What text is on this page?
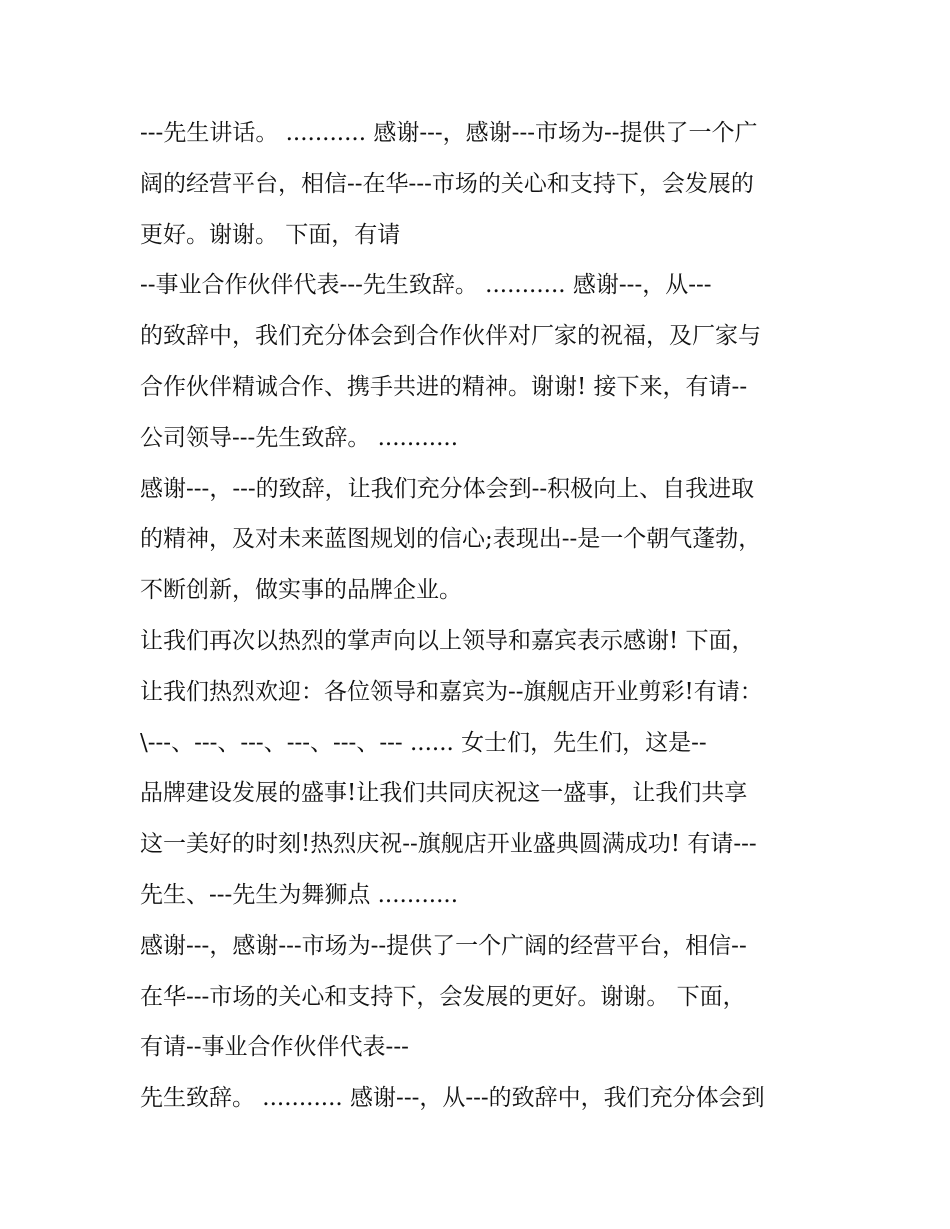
---先生讲话。 ........... 感谢---，感谢---市场为--提供了一个广
阔的经营平台，相信--在华---市场的关心和支持下，会发展的
更好。谢谢。 下面，有请
--事业合作伙伴代表---先生致辞。 ........... 感谢---，从---
的致辞中，我们充分体会到合作伙伴对厂家的祝福，及厂家与
合作伙伴精诚合作、携手共进的精神。谢谢! 接下来，有请--
公司领导---先生致辞。 ...........
感谢---，---的致辞，让我们充分体会到--积极向上、自我进取
的精神，及对未来蓝图规划的信心;表现出--是一个朝气蓬勃，
不断创新，做实事的品牌企业。
让我们再次以热烈的掌声向以上领导和嘉宾表示感谢! 下面，
让我们热烈欢迎：各位领导和嘉宾为--旗舰店开业剪彩!有请：
\---、---、---、---、---、--- ...... 女士们，先生们，这是--
品牌建设发展的盛事!让我们共同庆祝这一盛事，让我们共享
这一美好的时刻!热烈庆祝--旗舰店开业盛典圆满成功! 有请---
先生、---先生为舞狮点 ...........
感谢---，感谢---市场为--提供了一个广阔的经营平台，相信--
在华---市场的关心和支持下，会发展的更好。谢谢。 下面，
有请--事业合作伙伴代表---
先生致辞。 ........... 感谢---，从---的致辞中，我们充分体会到
